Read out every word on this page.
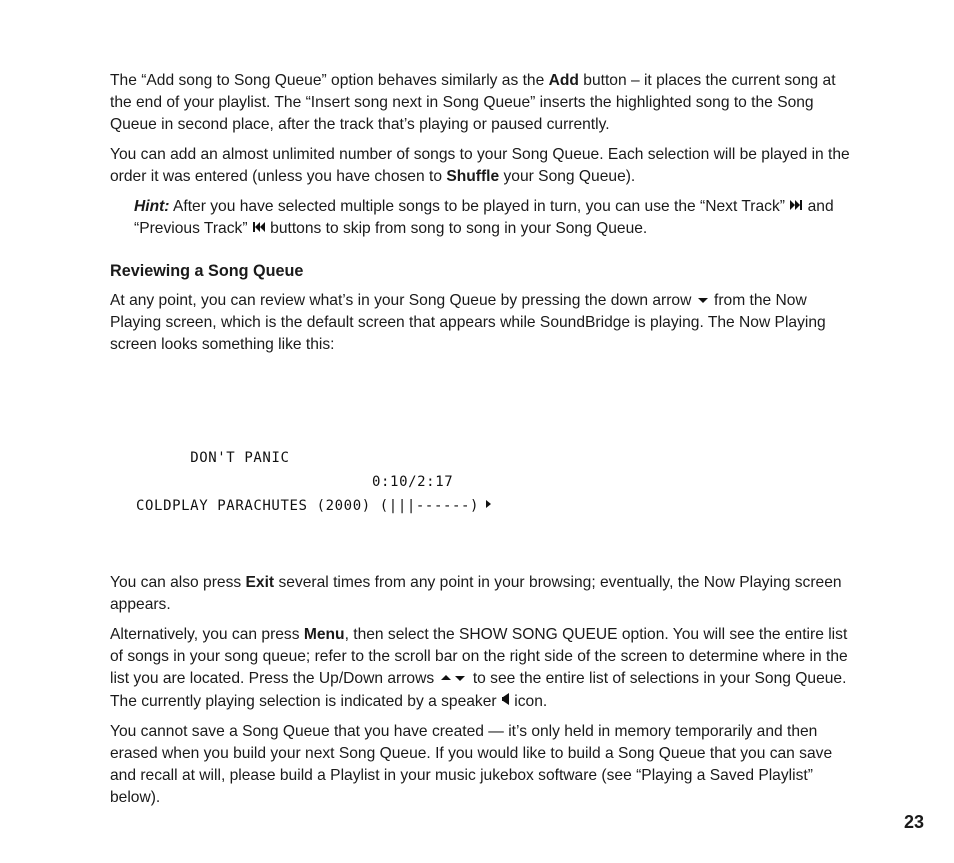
The “Add song to Song Queue” option behaves similarly as the Add button – it places the current song at the end of your playlist. The “Insert song next in Song Queue” inserts the highlighted song to the Song Queue in second place, after the track that’s playing or paused currently.

You can add an almost unlimited number of songs to your Song Queue. Each selection will be played in the order it was entered (unless you have chosen to Shuffle your Song Queue).

Hint: After you have selected multiple songs to be played in turn, you can use the “Next Track”  and “Previous Track”  buttons to skip from song to song in your Song Queue.

Reviewing a Song Queue

At any point, you can review what’s in your Song Queue by pressing the down arrow  from the Now Playing screen, which is the default screen that appears while SoundBridge is playing. The Now Playing screen looks something like this:

DON'T PANIC

0:10/2:17

COLDPLAY PARACHUTES (2000) (|||------)

You can also press Exit several times from any point in your browsing; eventually, the Now Playing screen appears.

Alternatively, you can press Menu, then select the SHOW SONG QUEUE option. You will see the entire list of songs in your song queue; refer to the scroll bar on the right side of the screen to determine where in the list you are located. Press the Up/Down arrows  to see the entire list of selections in your Song Queue. The currently playing selection is indicated by a speaker  icon.

You cannot save a Song Queue that you have created — it’s only held in memory temporarily and then erased when you build your next Song Queue. If you would like to build a Song Queue that you can save and recall at will, please build a Playlist in your music jukebox software (see “Playing a Saved Playlist” below).

23
